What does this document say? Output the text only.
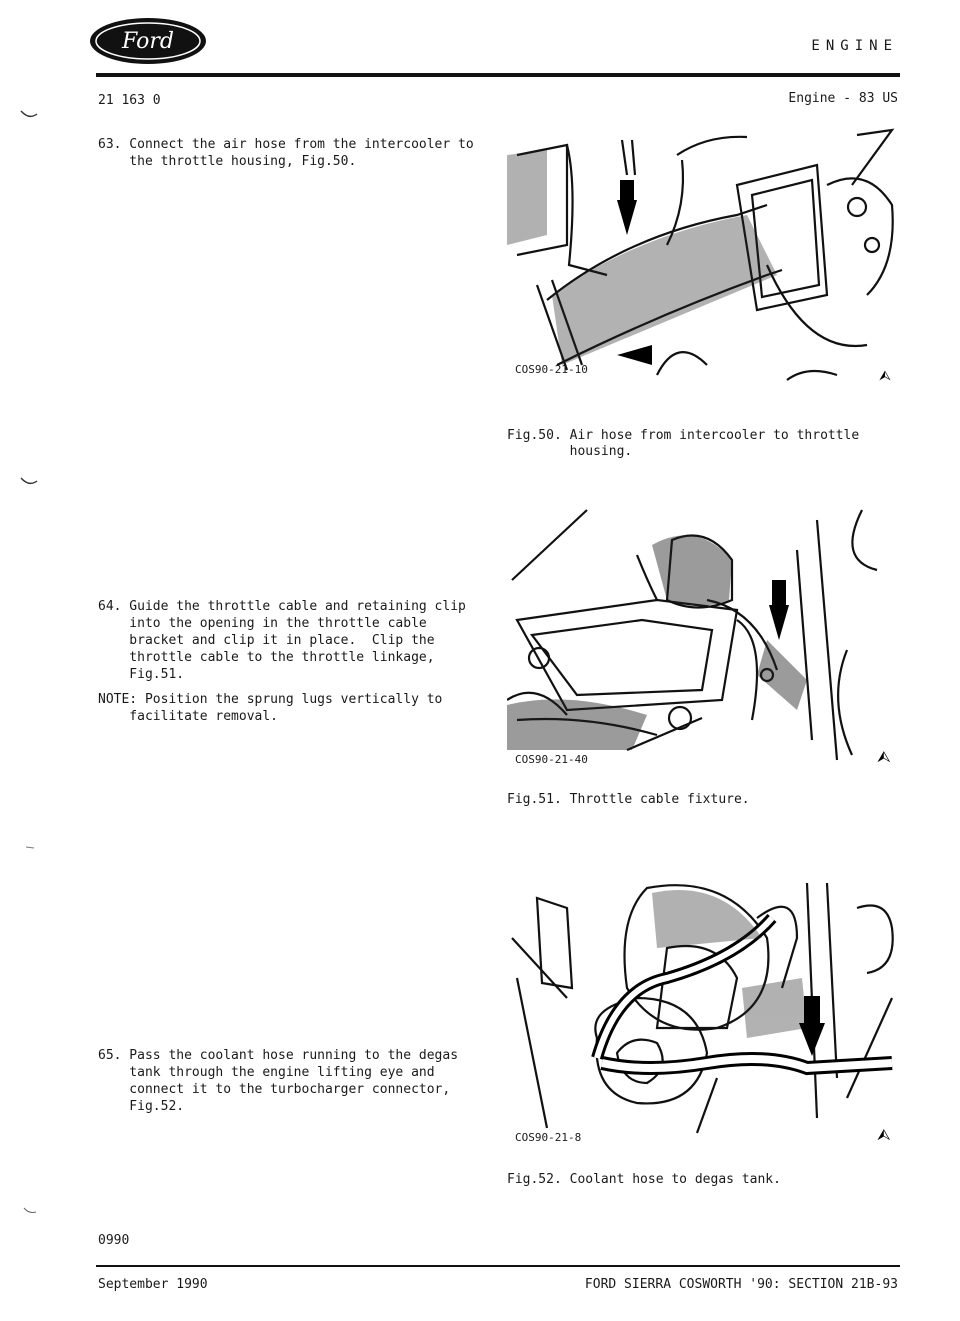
Ford	ENGINE
21 163 0	Engine - 83 US
63. Connect the air hose from the intercooler to
the throttle housing, Fig.50.
64. Guide the throttle cable and retaining clip
into the opening in the throttle cable
bracket and clip it in place.  Clip the
throttle cable to the throttle linkage,
Fig.51.
NOTE: Position the sprung lugs vertically to
facilitate removal.
65. Pass the coolant hose running to the degas
tank through the engine lifting eye and
connect it to the turbocharger connector,
Fig.52.
⮙
COS90-21-10
Fig.50. Air hose from intercooler to throttle
housing.
⮙
COS90-21-40
Fig.51. Throttle cable fixture.
⮙
COS90-21-8
Fig.52. Coolant hose to degas tank.
0990
September 1990	FORD SIERRA COSWORTH '90: SECTION 21B-93
